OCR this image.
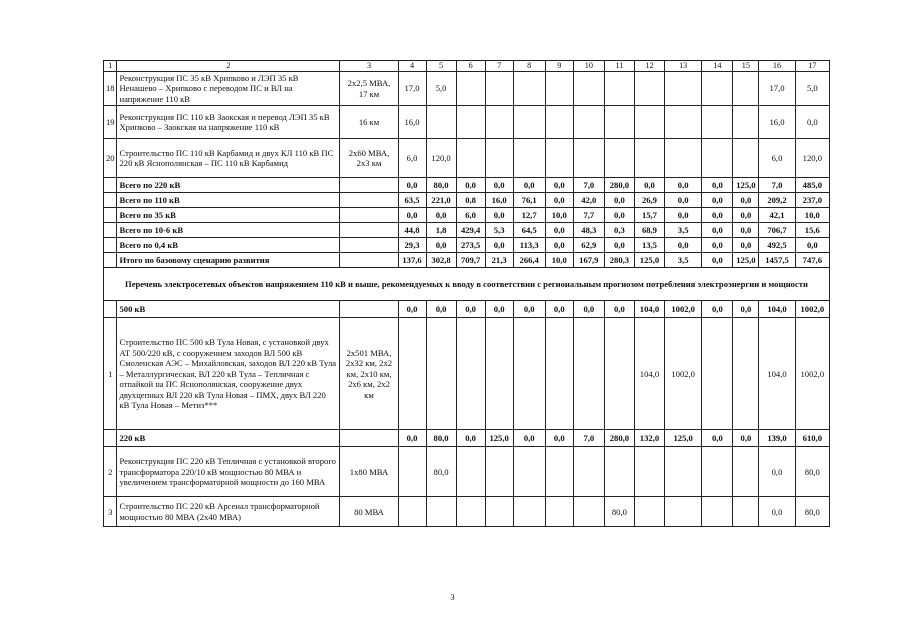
1	2	3	4	5	6	7	8	9	10	11	12	13	14	15	16	17
18	Реконструкция ПС 35 кВ Хрипково и ЛЭП 35 кВ Ненашево – Хрипково с переводом ПС и ВЛ на напряжение 110 кВ	2х2,5 МВА, 17 км	17,0	5,0											17,0	5,0
19	Реконструкция ПС 110 кВ Заокская и перевод ЛЭП 35 кВ Хрипково – Заокская на напряжение 110 кВ	16 км	16,0												16,0	0,0
20	Строительство ПС 110 кВ Карбамид и двух КЛ 110 кВ ПС 220 кВ Яснополянская – ПС 110 кВ Карбамид	2х60 МВА, 2х3 км	6,0	120,0											6,0	120,0
	Всего по 220 кВ		0,0	80,0	0,0	0,0	0,0	0,0	7,0	280,0	0,0	0,0	0,0	125,0	7,0	485,0
	Всего по 110 кВ		63,5	221,0	0,8	16,0	76,1	0,0	42,0	0,0	26,9	0,0	0,0	0,0	209,2	237,0
	Всего по 35 кВ		0,0	0,0	6,0	0,0	12,7	10,0	7,7	0,0	15,7	0,0	0,0	0,0	42,1	10,0
	Всего по 10-6 кВ		44,8	1,8	429,4	5,3	64,5	0,0	48,3	0,3	68,9	3,5	0,0	0,0	706,7	15,6
	Всего по 0,4 кВ		29,3	0,0	273,5	0,0	113,3	0,0	62,9	0,0	13,5	0,0	0,0	0,0	492,5	0,0
	Итого по базовому сценарию развития		137,6	302,8	709,7	21,3	266,4	10,0	167,9	280,3	125,0	3,5	0,0	125,0	1457,5	747,6
Перечень электросетевых объектов напряжением 110 кВ и выше, рекомендуемых к вводу в соответствии с региональным прогнозом потребления электроэнергии и мощности																
	500 кВ		0,0	0,0	0,0	0,0	0,0	0,0	0,0	0,0	104,0	1002,0	0,0	0,0	104,0	1002,0
1	Строительство ПС 500 кВ Тула Новая, с установкой двух АТ 500/220 кВ, с сооружением заходов ВЛ 500 кВ Смоленская АЭС – Михайловская, заходов ВЛ 220 кВ Тула – Металлургическая, ВЛ 220 кВ Тула – Тепличная с отпайкой на ПС Яснополянская, сооружение двух двухцепных ВЛ 220 кВ Тула Новая – ПМХ, двух ВЛ 220 кВ Тула Новая – Метиз***	2х501 МВА, 2х32 км, 2х2 км, 2х10 км, 2х6 км, 2х2 км									104,0	1002,0			104,0	1002,0
	220 кВ		0,0	80,0	0,0	125,0	0,0	0,0	7,0	280,0	132,0	125,0	0,0	0,0	139,0	610,0
2	Реконструкция ПС 220 кВ Тепличная с установкой второго трансформатора 220/10 кВ мощностью 80 МВА и увеличением трансформаторной мощности до 160 МВА	1х80 МВА		80,0											0,0	80,0
3	Строительство ПС 220 кВ Арсенал трансформаторной мощностью 80 МВА (2х40 МВА)	80 МВА								80,0					0,0	80,0
3
